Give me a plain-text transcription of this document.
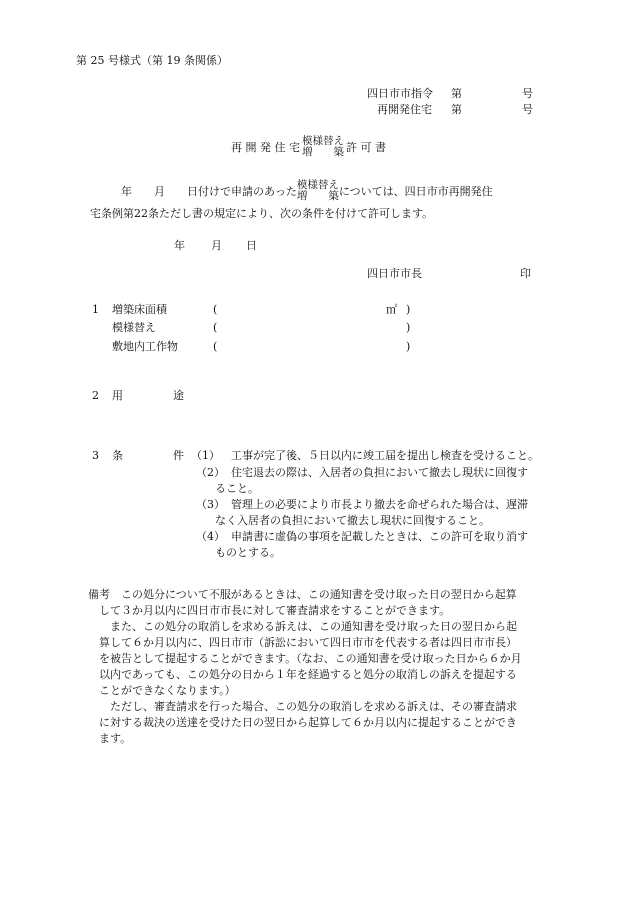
第 25 号様式（第 19 条関係）
四日市市指令 第	号
再開発住宅 第	号
再 開 発 住 宅 模様替え
増　　築 許 可 書
年　　月　　日付けで申請のあった 模様替え
増　　築 については、四日市市再開発住
宅条例第22条ただし書の規定により、次の条件を付けて許可します。
年 月 日
四日市市長	印
1 増築床面積	(	㎡ )
模様替え	(	)
敷地内工作物	(	)
2 用	途
3 条	件 （1） 工事が完了後、５日以内に竣工届を提出し検査を受けること。
（2） 住宅退去の際は、入居者の負担において撤去し現状に回復す
ること。
（3） 管理上の必要により市長より撤去を命ぜられた場合は、遅滞
なく入居者の負担において撤去し現状に回復すること。
（4） 申請書に虚偽の事項を記載したときは、この許可を取り消す
ものとする。
備考　この処分について不服があるときは、この通知書を受け取った日の翌日から起算
　して３か月以内に四日市市長に対して審査請求をすることができます。
　　また、この処分の取消しを求める訴えは、この通知書を受け取った日の翌日から起
　算して６か月以内に、四日市市（訴訟において四日市市を代表する者は四日市市長）
　を被告として提起することができます。（なお、この通知書を受け取った日から６か月
　以内であっても、この処分の日から１年を経過すると処分の取消しの訴えを提起する
　ことができなくなります。）
　　ただし、審査請求を行った場合、この処分の取消しを求める訴えは、その審査請求
　に対する裁決の送達を受けた日の翌日から起算して６か月以内に提起することができ
　ます。
